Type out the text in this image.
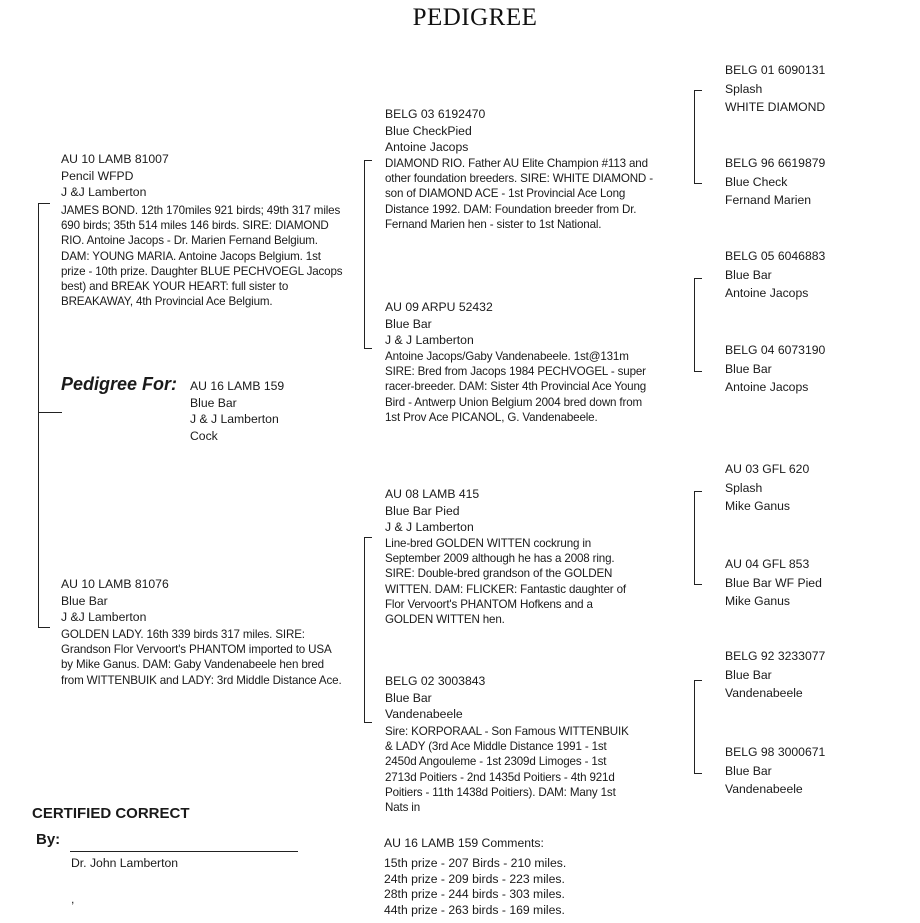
PEDIGREE
AU 10 LAMB 81007
Pencil WFPD
J &J Lamberton
JAMES BOND. 12th 170miles 921 birds; 49th 317 miles 690 birds; 35th 514 miles 146 birds. SIRE: DIAMOND RIO. Antoine Jacops - Dr. Marien Fernand Belgium. DAM: YOUNG MARIA. Antoine Jacops Belgium. 1st prize - 10th prize. Daughter BLUE PECHVOEGL Jacops best) and BREAK YOUR HEART: full sister to BREAKAWAY, 4th Provincial Ace Belgium.
Pedigree For: AU 16 LAMB 159
Blue Bar
J & J Lamberton
Cock
AU 10 LAMB 81076
Blue Bar
J &J Lamberton
GOLDEN LADY. 16th 339 birds 317 miles. SIRE: Grandson Flor Vervoort's PHANTOM imported to USA by Mike Ganus. DAM: Gaby Vandenabeele hen bred from WITTENBUIK and LADY: 3rd Middle Distance Ace.
BELG 03 6192470
Blue CheckPied
Antoine Jacops
DIAMOND RIO. Father AU Elite Champion #113 and other foundation breeders. SIRE: WHITE DIAMOND - son of DIAMOND ACE - 1st Provincial Ace Long Distance 1992. DAM: Foundation breeder from Dr. Fernand Marien hen - sister to 1st National.
AU 09 ARPU 52432
Blue Bar
J & J Lamberton
Antoine Jacops/Gaby Vandenabeele. 1st@131m SIRE: Bred from Jacops 1984 PECHVOGEL - super racer-breeder. DAM: Sister 4th Provincial Ace Young Bird - Antwerp Union Belgium 2004 bred down from 1st Prov Ace PICANOL, G. Vandenabeele.
AU 08 LAMB 415
Blue Bar Pied
J & J Lamberton
Line-bred GOLDEN WITTEN cockrung in September 2009 although he has a 2008 ring. SIRE: Double-bred grandson of the GOLDEN WITTEN. DAM: FLICKER: Fantastic daughter of Flor Vervoort's PHANTOM Hofkens and a GOLDEN WITTEN hen.
BELG 02 3003843
Blue Bar
Vandenabeele
Sire: KORPORAAL - Son Famous WITTENBUIK & LADY (3rd Ace Middle Distance 1991 - 1st 2450d Angouleme - 1st 2309d Limoges - 1st 2713d Poitiers - 2nd 1435d Poitiers - 4th 921d Poitiers - 11th 1438d Poitiers). DAM: Many 1st Nats in
BELG 01 6090131
Splash
WHITE DIAMOND
BELG 96 6619879
Blue Check
Fernand Marien
BELG 05 6046883
Blue Bar
Antoine Jacops
BELG 04 6073190
Blue Bar
Antoine Jacops
AU 03 GFL 620
Splash
Mike Ganus
AU 04 GFL 853
Blue Bar WF Pied
Mike Ganus
BELG 92 3233077
Blue Bar
Vandenabeele
BELG 98 3000671
Blue Bar
Vandenabeele
CERTIFIED CORRECT
By:
Dr. John Lamberton
,
AU 16 LAMB 159 Comments:
15th prize - 207 Birds - 210 miles.
24th prize - 209 birds - 223 miles.
28th prize - 244 birds - 303 miles.
44th prize - 263 birds - 169 miles.
